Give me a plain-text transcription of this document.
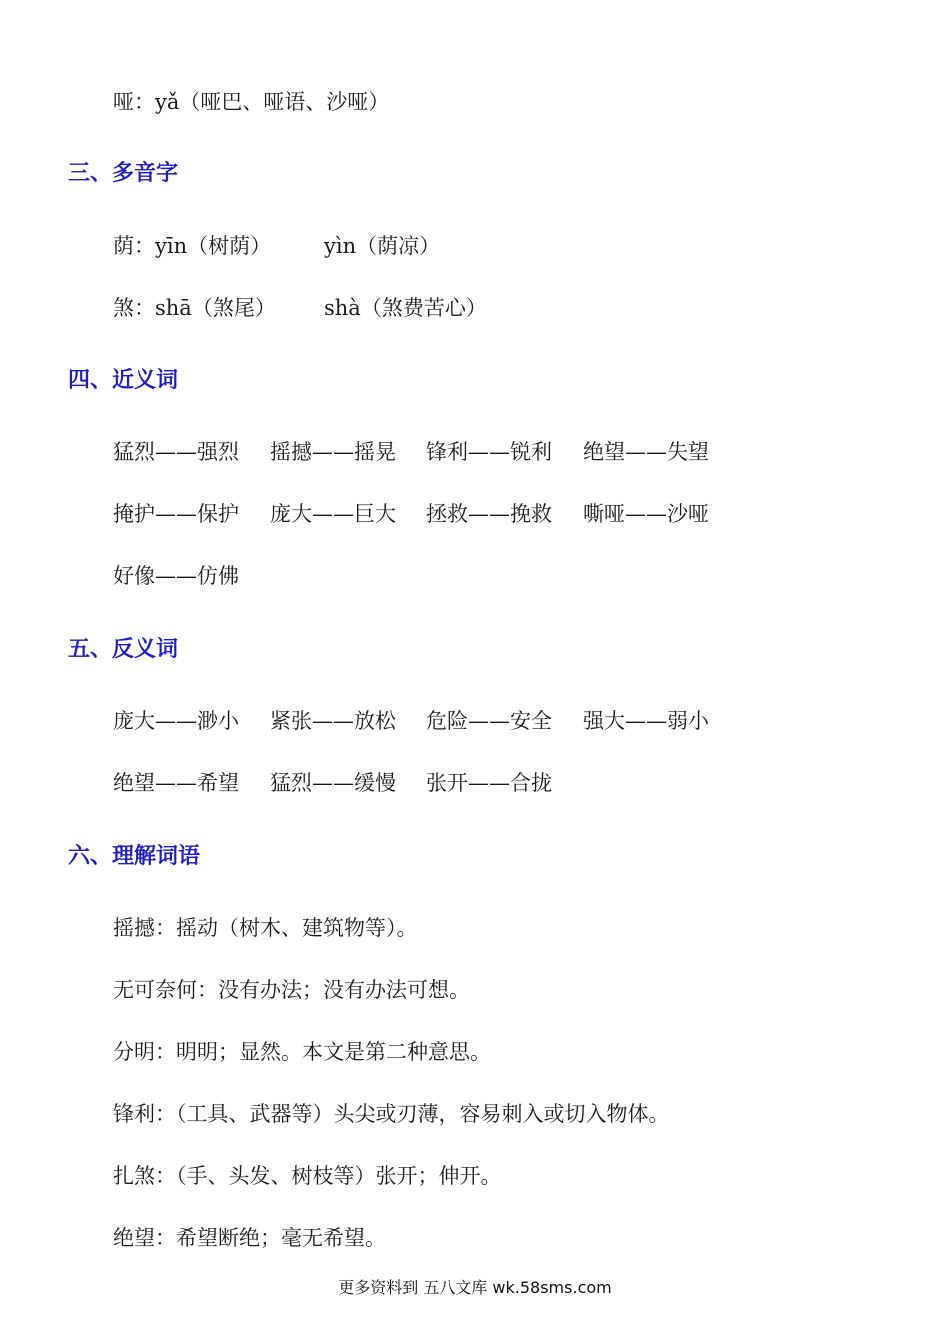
哑：yǎ（哑巴、哑语、沙哑）
三、多音字

荫：yīn（树荫）

	yìn（荫凉）

煞：shā（煞尾）

shà（煞费苦心）

四、近义词

猛烈——强烈

摇撼——摇晃

锋利——锐利

绝望——失望

掩护——保护

庞大——巨大

拯救——挽救

嘶哑——沙哑

好像——仿佛

五、反义词

庞大——渺小

紧张——放松

危险——安全

强大——弱小

绝望——希望

猛烈——缓慢

张开——合拢

六、理解词语
摇撼：摇动（树木、建筑物等）。
无可奈何：没有办法；没有办法可想。
分明：明明；显然。本文是第二种意思。
锋利：（工具、武器等）头尖或刃薄，容易刺入或切入物体。
扎煞：（手、头发、树枝等）张开；伸开。
绝望：希望断绝；毫无希望。
更多资料到 五八文库 wk.58sms.com
